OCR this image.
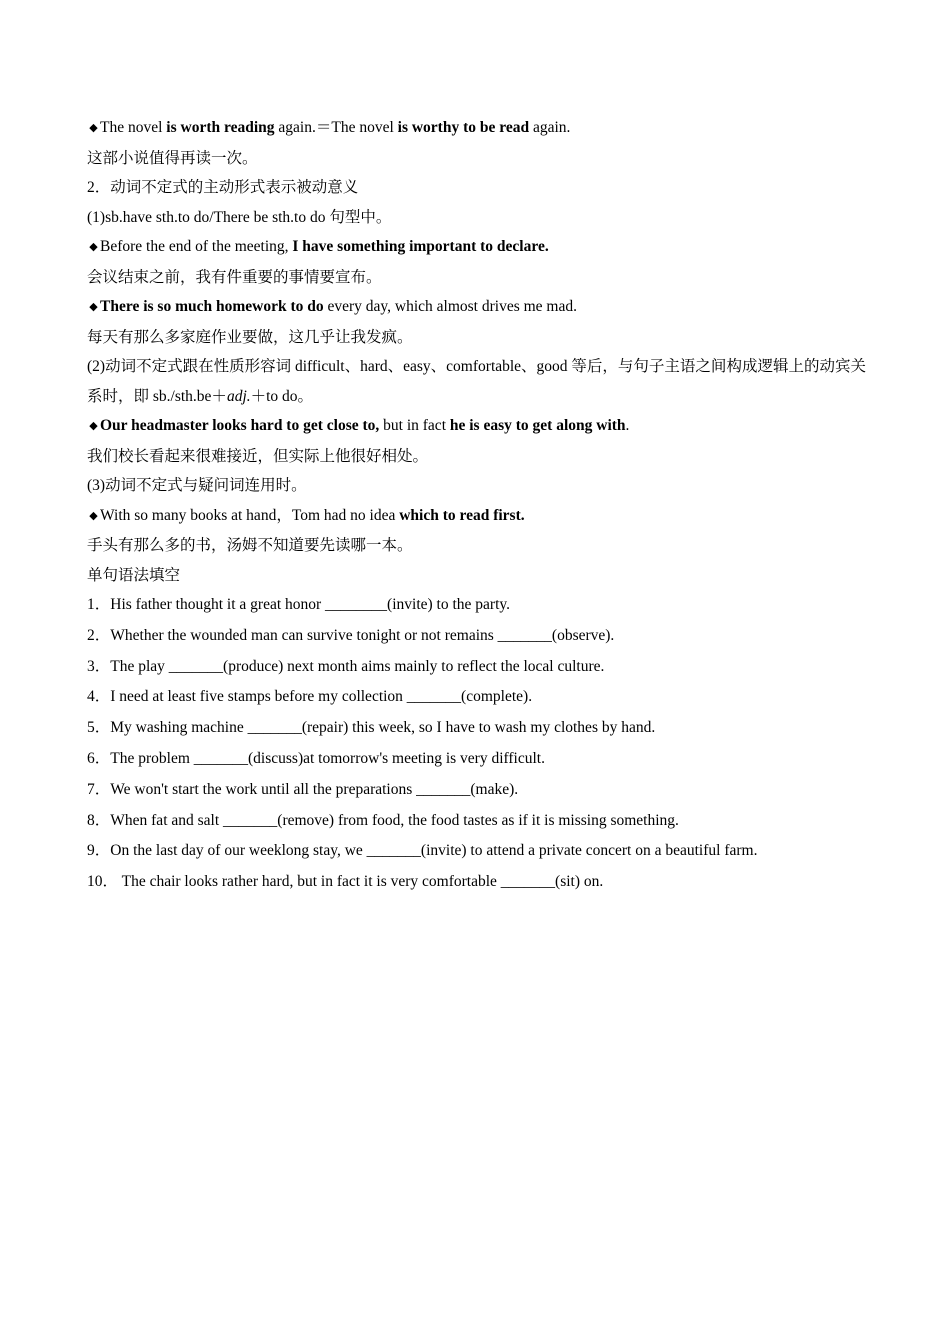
◆ The novel is worth reading again.＝The novel is worthy to be read again.
这部小说值得再读一次。
2．动词不定式的主动形式表示被动意义
(1)sb.have sth.to do/There be sth.to do 句型中。
◆ Before the end of the meeting, I have something important to declare.
会议结束之前，我有件重要的事情要宣布。
◆ There is so much homework to do every day, which almost drives me mad.
每天有那么多家庭作业要做，这几乎让我发疯。
(2)动词不定式跟在性质形容词 difficult、hard、easy、comfortable、good 等后，与句子主语之间构成逻辑上的动宾关系时，即 sb./sth.be＋adj.＋to do。
◆ Our headmaster looks hard to get close to, but in fact he is easy to get along with.
我们校长看起来很难接近，但实际上他很好相处。
(3)动词不定式与疑问词连用时。
◆ With so many books at hand，Tom had no idea which to read first.
手头有那么多的书，汤姆不知道要先读哪一本。
单句语法填空
1．His father thought it a great honor ________(invite) to the party.
2．Whether the wounded man can survive tonight or not remains _______(observe).
3．The play _______(produce) next month aims mainly to reflect the local culture.
4．I need at least five stamps before my collection _______(complete).
5．My washing machine _______(repair) this week, so I have to wash my clothes by hand.
6．The problem _______(discuss)at tomorrow's meeting is very difficult.
7．We won't start the work until all the preparations _______(make).
8．When fat and salt _______(remove) from food, the food tastes as if it is missing something.
9．On the last day of our weeklong stay, we _______(invite) to attend a private concert on a beautiful farm.
10． The chair looks rather hard, but in fact it is very comfortable _______(sit) on.
